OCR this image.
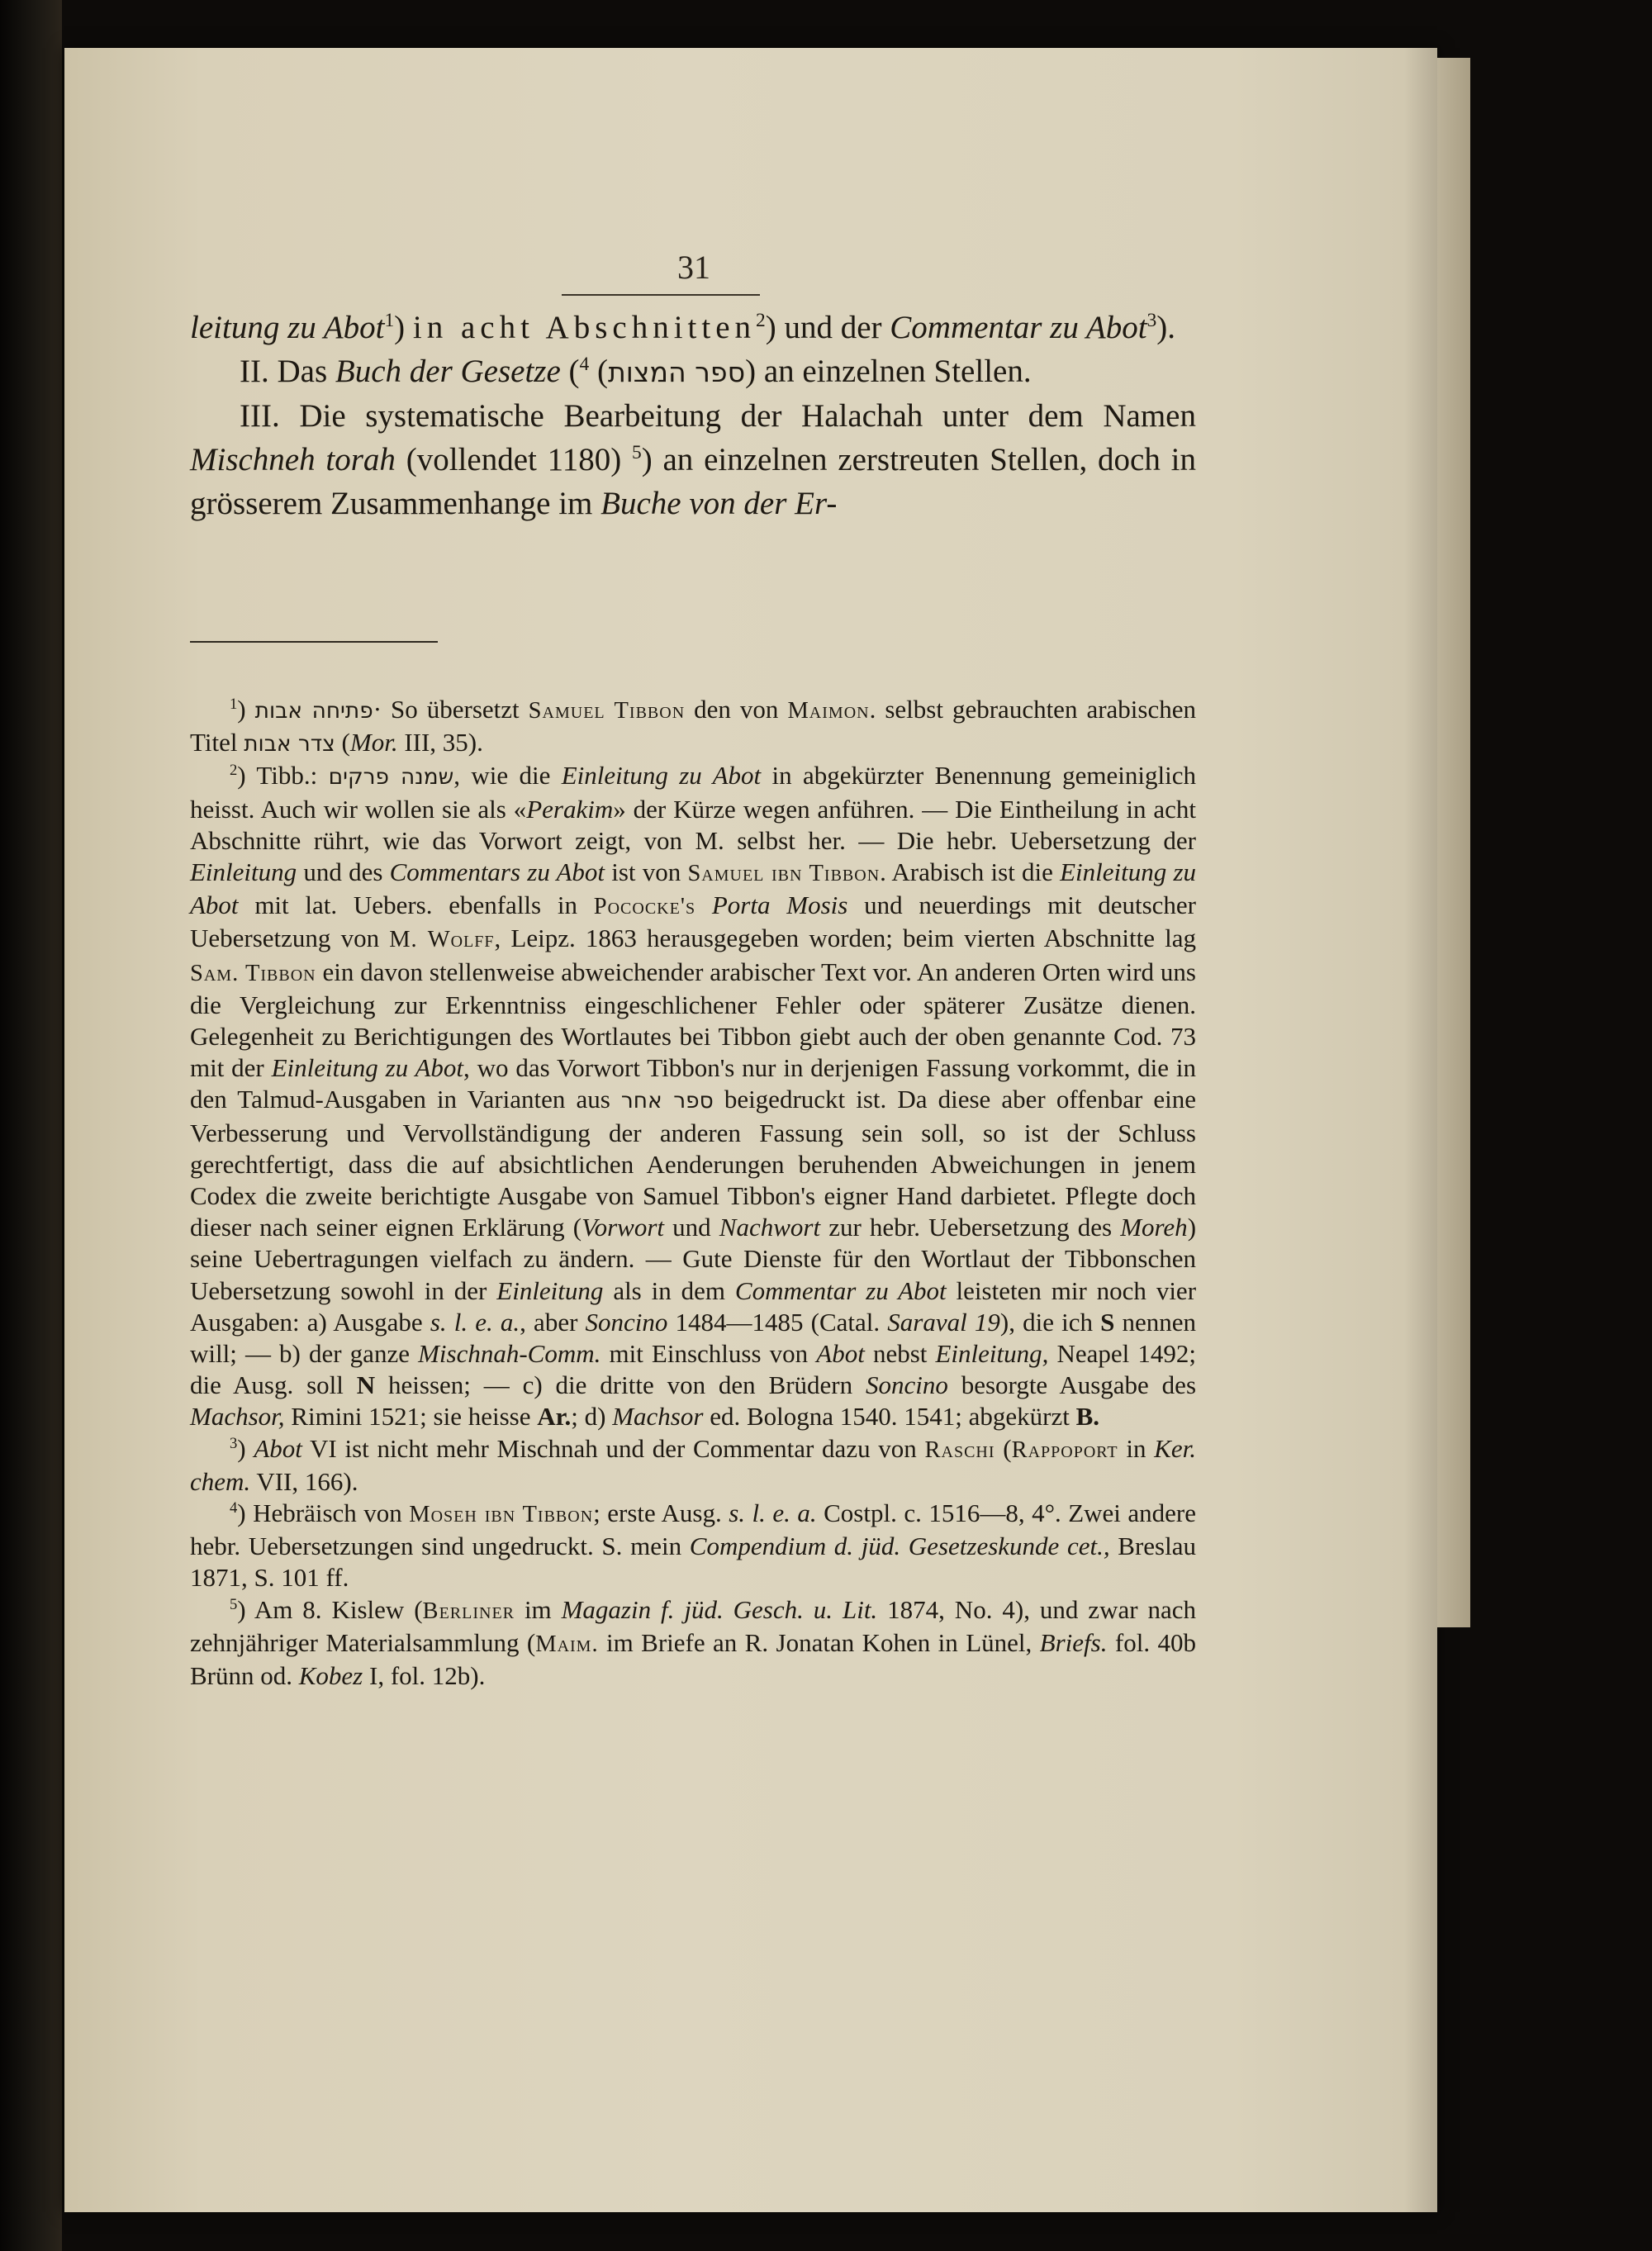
31

leitung zu Abot$^1$) in acht Abschnitten$^2$) und der Commentar zu Abot$^3$).

II. Das Buch der Gesetze ( ספר המצות) $^4$	) an einzelnen Stellen.

III. Die systematische Bearbeitung der Halachah unter dem Namen Mischneh torah (vollendet 1180) $^5$) an einzelnen zerstreuten Stellen, doch in grösserem Zusammenhange im Buche von der Er-

$^1$) פתיחה אבות· So übersetzt Samuel Tibbon den von Maimon. selbst gebrauchten arabischen Titel צדר אבות (Mor. III, 35).

$^2$) Tibb.: שמנה פרקים, wie die Einleitung zu Abot in abgekürzter Benennung gemeiniglich heisst. Auch wir wollen sie als «Perakim» der Kürze wegen anführen. — Die Eintheilung in acht Abschnitte rührt, wie das Vorwort zeigt, von M. selbst her. — Die hebr. Uebersetzung der Einleitung und des Commentars zu Abot ist von Samuel ibn Tibbon. Arabisch ist die Einleitung zu Abot mit lat. Uebers. ebenfalls in Pococke's Porta Mosis und neuerdings mit deutscher Uebersetzung von M. Wolff, Leipz. 1863 herausgegeben worden; beim vierten Abschnitte lag Sam. Tibbon ein davon stellenweise abweichender arabischer Text vor. An anderen Orten wird uns die Vergleichung zur Erkenntniss eingeschlichener Fehler oder späterer Zusätze dienen. Gelegenheit zu Berichtigungen des Wortlautes bei Tibbon giebt auch der oben genannte Cod. 73 mit der Einleitung zu Abot, wo das Vorwort Tibbon's nur in derjenigen Fassung vorkommt, die in den Talmud-Ausgaben in Varianten aus ספר אחר beigedruckt ist. Da diese aber offenbar eine Verbesserung und Vervollständigung der anderen Fassung sein soll, so ist der Schluss gerechtfertigt, dass die auf absichtlichen Aenderungen beruhenden Abweichungen in jenem Codex die zweite berichtigte Ausgabe von Samuel Tibbon's eigner Hand darbietet. Pflegte doch dieser nach seiner eignen Erklärung (Vorwort und Nachwort zur hebr. Uebersetzung des Moreh) seine Uebertragungen vielfach zu ändern. — Gute Dienste für den Wortlaut der Tibbonschen Uebersetzung sowohl in der Einleitung als in dem Commentar zu Abot leisteten mir noch vier Ausgaben: a) Ausgabe s. l. e. a., aber Soncino 1484—1485 (Catal. Saraval 19), die ich S nennen will; — b) der ganze Mischnah-Comm. mit Einschluss von Abot nebst Einleitung, Neapel 1492; die Ausg. soll N heissen; — c) die dritte von den Brüdern Soncino besorgte Ausgabe des Machsor, Rimini 1521; sie heisse Ar.; d) Machsor ed. Bologna 1540. 1541; abgekürzt B.

$^3$) Abot VI ist nicht mehr Mischnah und der Commentar dazu von Raschi (Rappoport in Ker. chem. VII, 166).

$^4$) Hebräisch von Moseh ibn Tibbon; erste Ausg. s. l. e. a. Costpl. c. 1516—8, 4°. Zwei andere hebr. Uebersetzungen sind ungedruckt. S. mein Compendium d. jüd. Gesetzeskunde cet., Breslau 1871, S. 101 ff.

$^5$) Am 8. Kislew (Berliner im Magazin f. jüd. Gesch. u. Lit. 1874, No. 4), und zwar nach zehnjähriger Materialsammlung (Maim. im Briefe an R. Jonatan Kohen in Lünel, Briefs. fol. 40b Brünn od. Kobez I, fol. 12b).
